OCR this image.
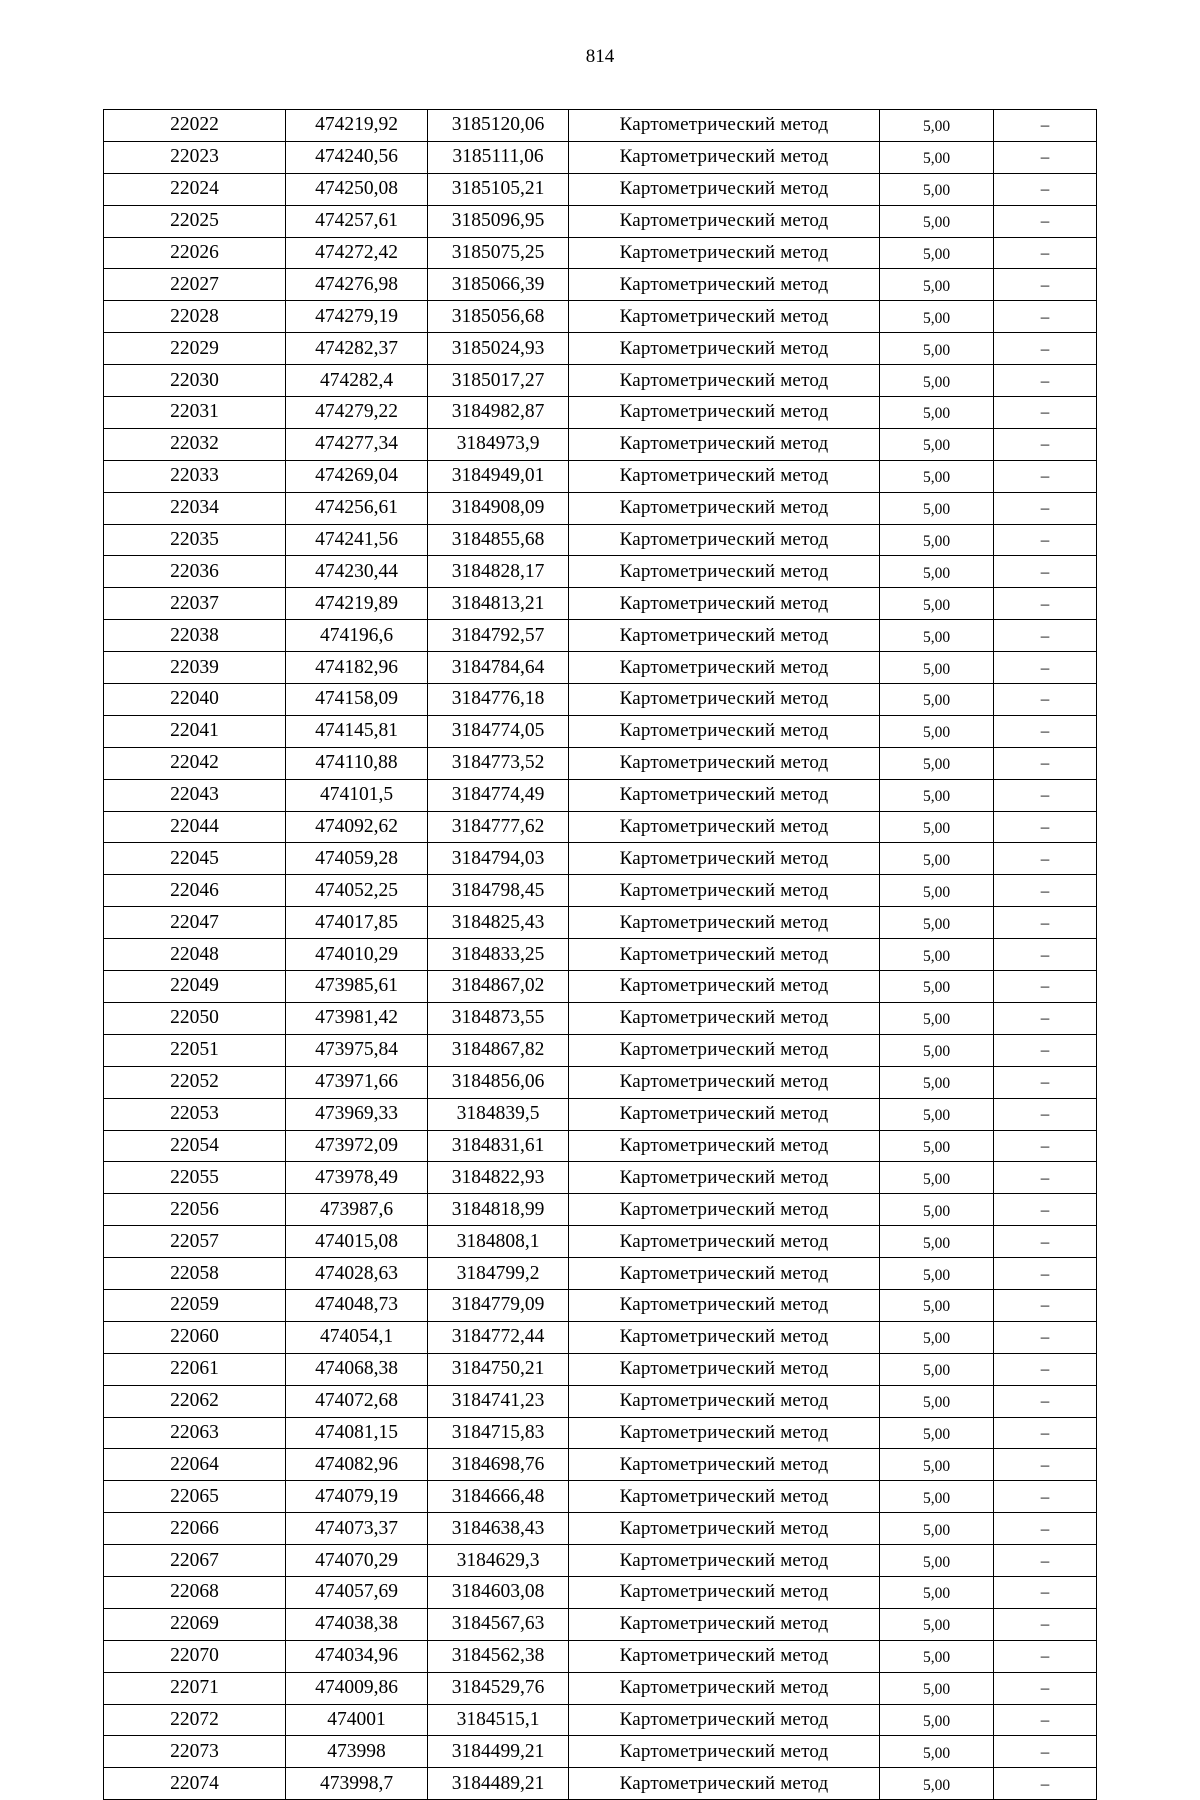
814
22022	474219,92	3185120,06	Картометрический метод	5,00	–
22023	474240,56	3185111,06	Картометрический метод	5,00	–
22024	474250,08	3185105,21	Картометрический метод	5,00	–
22025	474257,61	3185096,95	Картометрический метод	5,00	–
22026	474272,42	3185075,25	Картометрический метод	5,00	–
22027	474276,98	3185066,39	Картометрический метод	5,00	–
22028	474279,19	3185056,68	Картометрический метод	5,00	–
22029	474282,37	3185024,93	Картометрический метод	5,00	–
22030	474282,4	3185017,27	Картометрический метод	5,00	–
22031	474279,22	3184982,87	Картометрический метод	5,00	–
22032	474277,34	3184973,9	Картометрический метод	5,00	–
22033	474269,04	3184949,01	Картометрический метод	5,00	–
22034	474256,61	3184908,09	Картометрический метод	5,00	–
22035	474241,56	3184855,68	Картометрический метод	5,00	–
22036	474230,44	3184828,17	Картометрический метод	5,00	–
22037	474219,89	3184813,21	Картометрический метод	5,00	–
22038	474196,6	3184792,57	Картометрический метод	5,00	–
22039	474182,96	3184784,64	Картометрический метод	5,00	–
22040	474158,09	3184776,18	Картометрический метод	5,00	–
22041	474145,81	3184774,05	Картометрический метод	5,00	–
22042	474110,88	3184773,52	Картометрический метод	5,00	–
22043	474101,5	3184774,49	Картометрический метод	5,00	–
22044	474092,62	3184777,62	Картометрический метод	5,00	–
22045	474059,28	3184794,03	Картометрический метод	5,00	–
22046	474052,25	3184798,45	Картометрический метод	5,00	–
22047	474017,85	3184825,43	Картометрический метод	5,00	–
22048	474010,29	3184833,25	Картометрический метод	5,00	–
22049	473985,61	3184867,02	Картометрический метод	5,00	–
22050	473981,42	3184873,55	Картометрический метод	5,00	–
22051	473975,84	3184867,82	Картометрический метод	5,00	–
22052	473971,66	3184856,06	Картометрический метод	5,00	–
22053	473969,33	3184839,5	Картометрический метод	5,00	–
22054	473972,09	3184831,61	Картометрический метод	5,00	–
22055	473978,49	3184822,93	Картометрический метод	5,00	–
22056	473987,6	3184818,99	Картометрический метод	5,00	–
22057	474015,08	3184808,1	Картометрический метод	5,00	–
22058	474028,63	3184799,2	Картометрический метод	5,00	–
22059	474048,73	3184779,09	Картометрический метод	5,00	–
22060	474054,1	3184772,44	Картометрический метод	5,00	–
22061	474068,38	3184750,21	Картометрический метод	5,00	–
22062	474072,68	3184741,23	Картометрический метод	5,00	–
22063	474081,15	3184715,83	Картометрический метод	5,00	–
22064	474082,96	3184698,76	Картометрический метод	5,00	–
22065	474079,19	3184666,48	Картометрический метод	5,00	–
22066	474073,37	3184638,43	Картометрический метод	5,00	–
22067	474070,29	3184629,3	Картометрический метод	5,00	–
22068	474057,69	3184603,08	Картометрический метод	5,00	–
22069	474038,38	3184567,63	Картометрический метод	5,00	–
22070	474034,96	3184562,38	Картометрический метод	5,00	–
22071	474009,86	3184529,76	Картометрический метод	5,00	–
22072	474001	3184515,1	Картометрический метод	5,00	–
22073	473998	3184499,21	Картометрический метод	5,00	–
22074	473998,7	3184489,21	Картометрический метод	5,00	–
